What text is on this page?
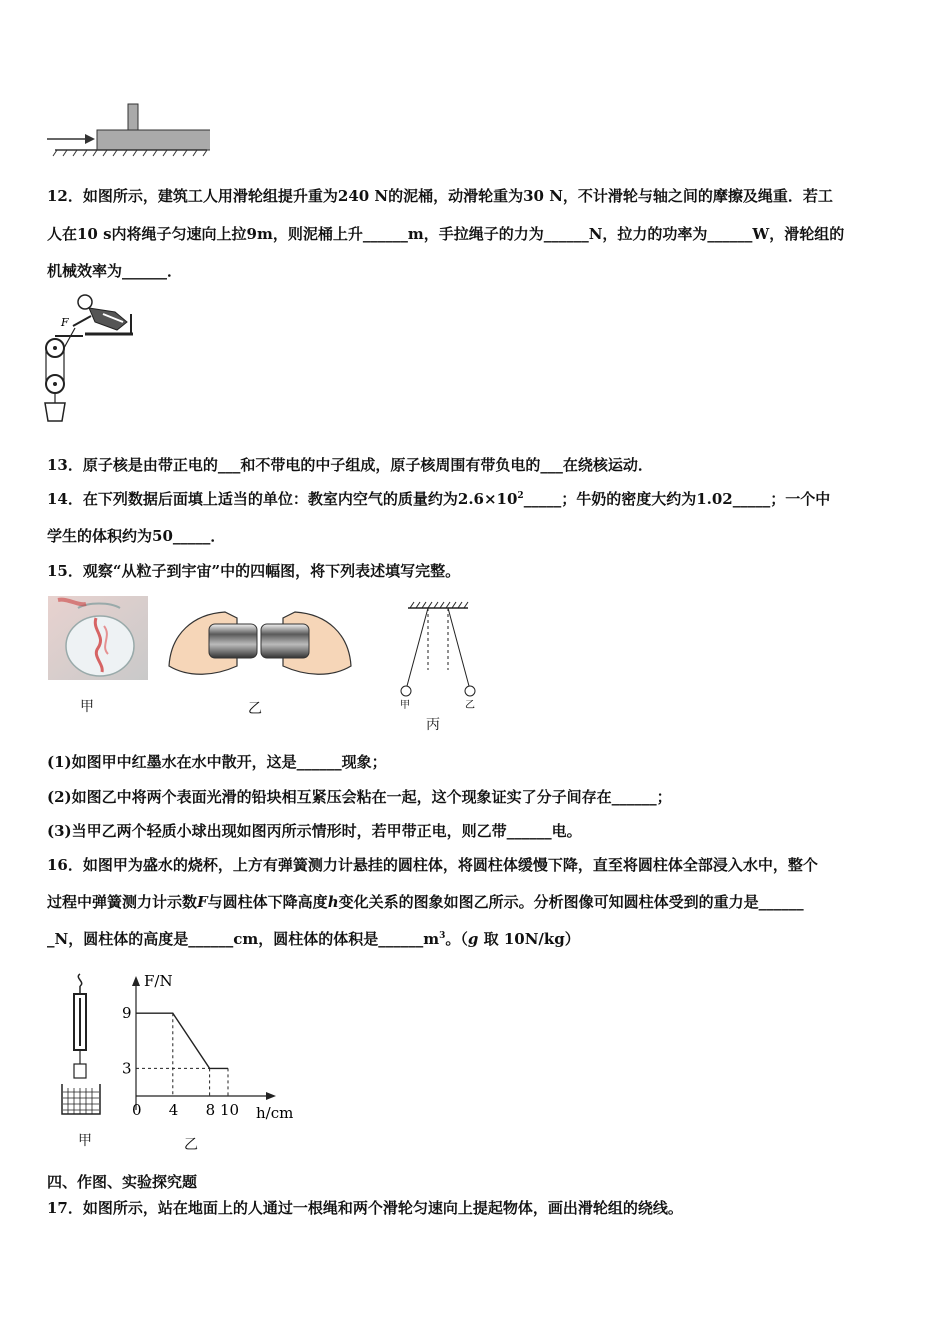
12．如图所示，建筑工人用滑轮组提升重为240 N的泥桶，动滑轮重为30 N，不计滑轮与轴之间的摩擦及绳重．若工
人在10 s内将绳子匀速向上拉9m，则泥桶上升______m，手拉绳子的力为______N，拉力的功率为______W，滑轮组的
机械效率为______．
F
13．原子核是由带正电的___和不带电的中子组成，原子核周围有带负电的___在绕核运动．
14．在下列数据后面填上适当的单位：教室内空气的质量约为$2.6\times 10^2\_\_\_\_\_$；牛奶的密度大约为1.02_____；一个中
学生的体积约为50_____．
15．观察“从粒子到宇宙”中的四幅图，将下列表述填写完整。
甲	乙	甲	乙
丙
(1)如图甲中红墨水在水中散开，这是______现象；
(2)如图乙中将两个表面光滑的铅块相互紧压会粘在一起，这个现象证实了分子间存在______；
(3)当甲乙两个轻质小球出现如图丙所示情形时，若甲带正电，则乙带______电。
16．如图甲为盛水的烧杯，上方有弹簧测力计悬挂的圆柱体，将圆柱体缓慢下降，直至将圆柱体全部浸入水中，整个
过程中弹簧测力计示数F与圆柱体下降高度h变化关系的图象如图乙所示。分析图像可知圆柱体受到的重力是______
_N，圆柱体的高度是______cm，圆柱体的体积是$\_\_\_\_\_\_m^3$。（g 取 10N/kg）
甲
F/N
h/cm
0 4 8 10
9
3
乙
四、作图、实验探究题
17．如图所示，站在地面上的人通过一根绳和两个滑轮匀速向上提起物体，画出滑轮组的绕线。
